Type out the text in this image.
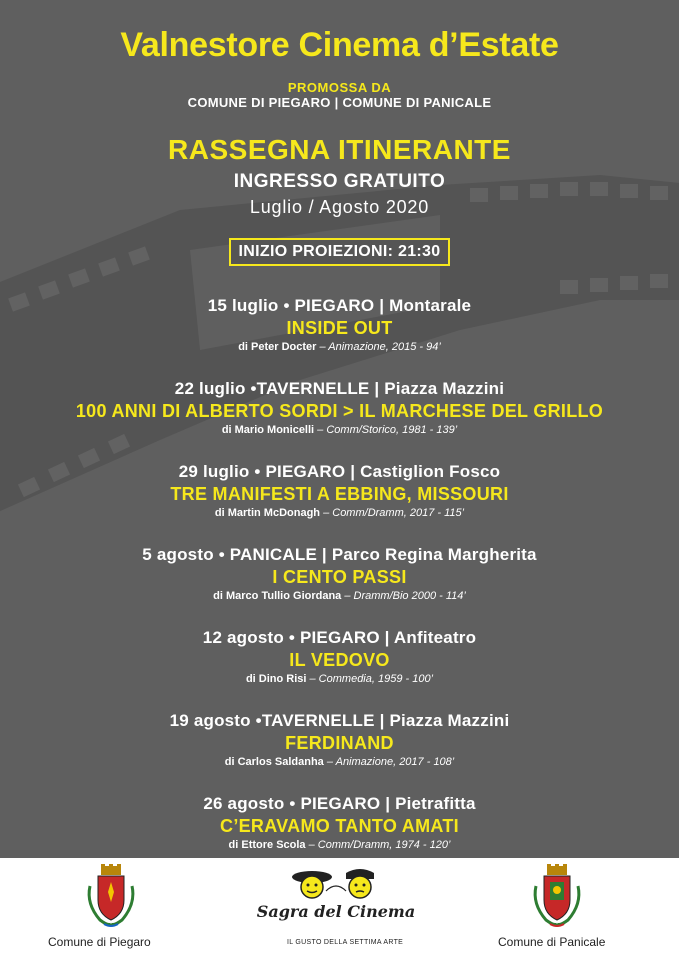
Valnestore Cinema d’Estate
PROMOSSA DA
COMUNE DI PIEGARO | COMUNE DI PANICALE
RASSEGNA ITINERANTE
INGRESSO GRATUITO
Luglio / Agosto 2020
INIZIO PROIEZIONI: 21:30
15 luglio • PIEGARO | Montarale
INSIDE OUT
di Peter Docter – Animazione, 2015 - 94’
22 luglio •TAVERNELLE | Piazza Mazzini
100 ANNI DI ALBERTO SORDI > IL MARCHESE DEL GRILLO
di Mario Monicelli – Comm/Storico, 1981 - 139’
29 luglio • PIEGARO | Castiglion Fosco
TRE MANIFESTI A EBBING, MISSOURI
di Martin McDonagh – Comm/Dramm, 2017 - 115’
5 agosto • PANICALE | Parco Regina Margherita
I CENTO PASSI
di Marco Tullio Giordana – Dramm/Bio 2000 - 114’
12 agosto • PIEGARO | Anfiteatro
IL VEDOVO
di Dino Risi – Commedia, 1959 - 100’
19 agosto •TAVERNELLE | Piazza Mazzini
FERDINAND
di Carlos Saldanha – Animazione, 2017 - 108’
26 agosto • PIEGARO | Pietrafitta
C’ERAVAMO TANTO AMATI
di Ettore Scola – Comm/Dramm, 1974 - 120’
Comune di Piegaro
Sagra del Cinema
IL GUSTO DELLA SETTIMA ARTE	Comune di Panicale
